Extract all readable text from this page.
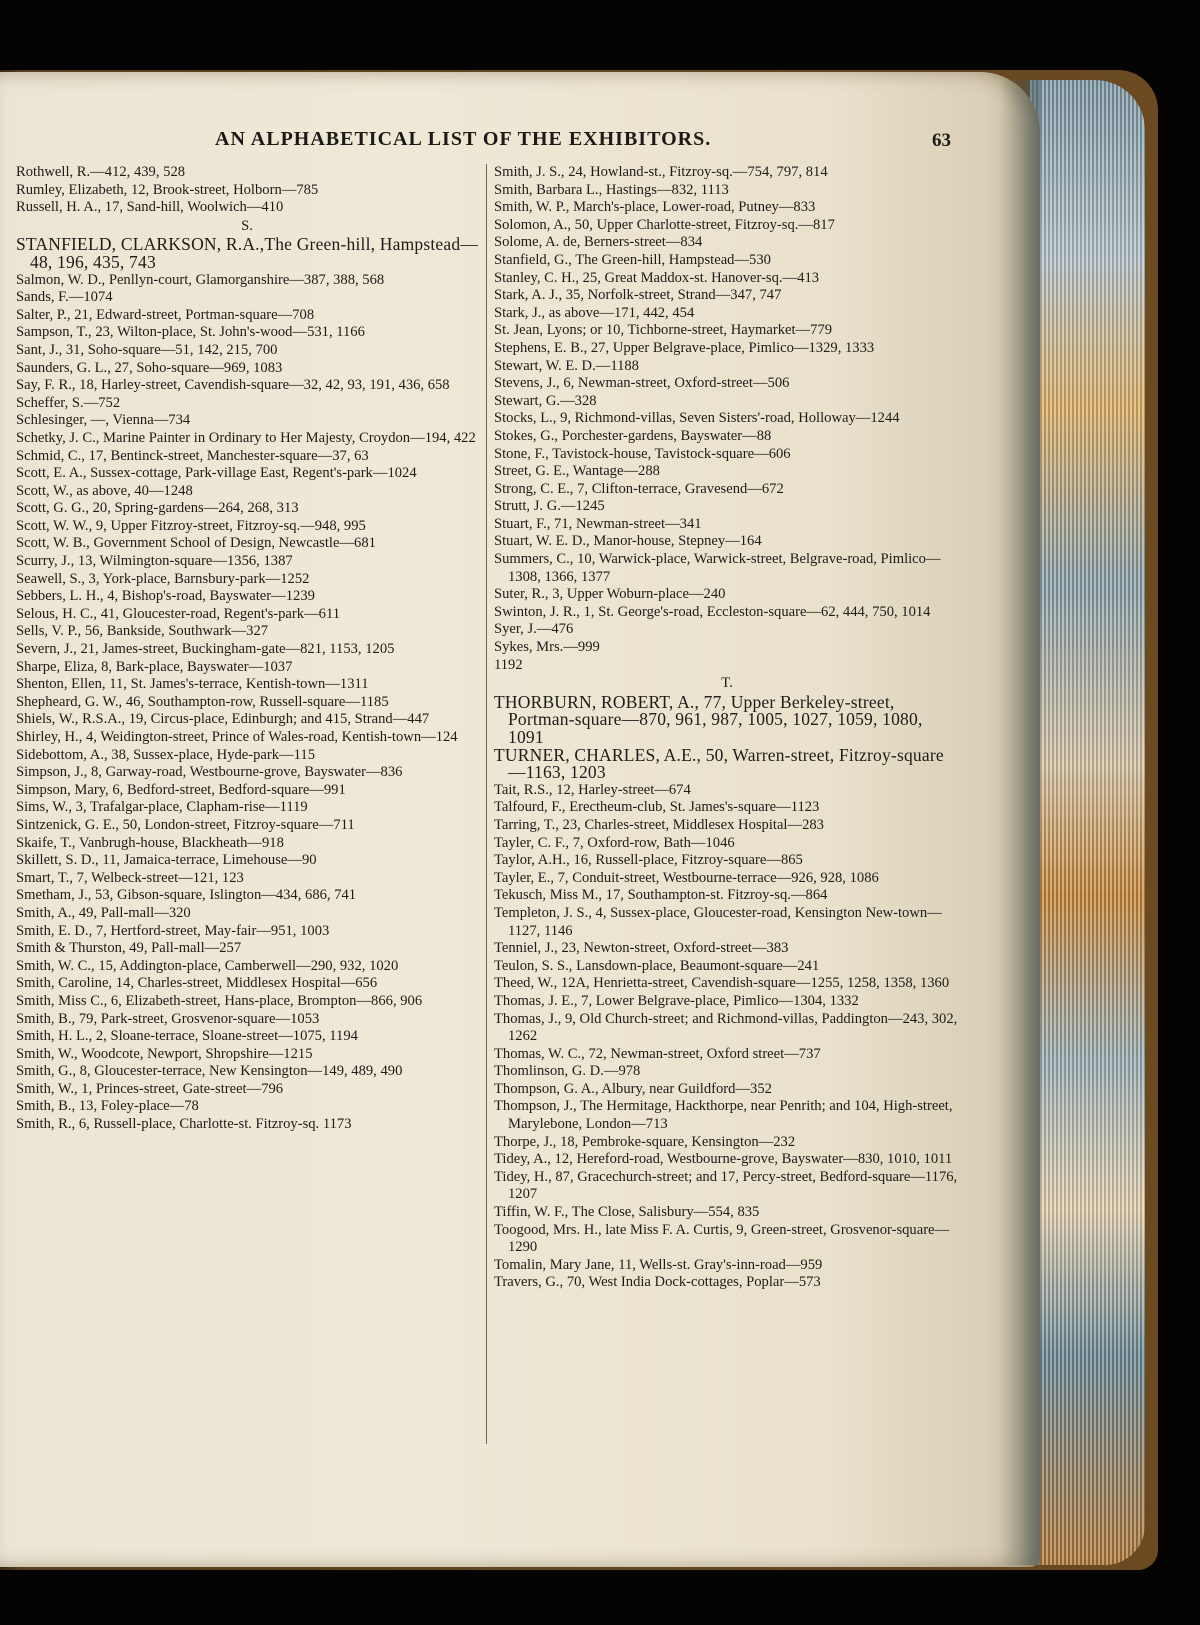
AN ALPHABETICAL LIST OF THE EXHIBITORS.	63

Rothwell, R.—412, 439, 528

Rumley, Elizabeth, 12, Brook-street, Holborn—785

Russell, H. A., 17, Sand-hill, Woolwich—410

S.

STANFIELD, CLARKSON, R.A.,The Green-hill, Hampstead—48, 196, 435, 743

Salmon, W. D., Penllyn-court, Glamorganshire—387, 388, 568

Sands, F.—1074

Salter, P., 21, Edward-street, Portman-square—708

Sampson, T., 23, Wilton-place, St. John's-wood—531, 1166

Sant, J., 31, Soho-square—51, 142, 215, 700

Saunders, G. L., 27, Soho-square—969, 1083

Say, F. R., 18, Harley-street, Cavendish-square—32, 42, 93, 191, 436, 658

Scheffer, S.—752

Schlesinger, —, Vienna—734

Schetky, J. C., Marine Painter in Ordinary to Her Majesty, Croydon—194, 422

Schmid, C., 17, Bentinck-street, Manchester-square—37, 63

Scott, E. A., Sussex-cottage, Park-village East, Regent's-park—1024

Scott, W., as above, 40—1248

Scott, G. G., 20, Spring-gardens—264, 268, 313

Scott, W. W., 9, Upper Fitzroy-street, Fitzroy-sq.—948, 995

Scott, W. B., Government School of Design, Newcastle—681

Scurry, J., 13, Wilmington-square—1356, 1387

Seawell, S., 3, York-place, Barnsbury-park—1252

Sebbers, L. H., 4, Bishop's-road, Bayswater—1239

Selous, H. C., 41, Gloucester-road, Regent's-park—611

Sells, V. P., 56, Bankside, Southwark—327

Severn, J., 21, James-street, Buckingham-gate—821, 1153, 1205

Sharpe, Eliza, 8, Bark-place, Bayswater—1037

Shenton, Ellen, 11, St. James's-terrace, Kentish-town—1311

Shepheard, G. W., 46, Southampton-row, Russell-square—1185

Shiels, W., R.S.A., 19, Circus-place, Edinburgh; and 415, Strand—447

Shirley, H., 4, Weidington-street, Prince of Wales-road, Kentish-town—124

Sidebottom, A., 38, Sussex-place, Hyde-park—115

Simpson, J., 8, Garway-road, Westbourne-grove, Bayswater—836

Simpson, Mary, 6, Bedford-street, Bedford-square—991

Sims, W., 3, Trafalgar-place, Clapham-rise—1119

Sintzenick, G. E., 50, London-street, Fitzroy-square—711

Skaife, T., Vanbrugh-house, Blackheath—918

Skillett, S. D., 11, Jamaica-terrace, Limehouse—90

Smart, T., 7, Welbeck-street—121, 123

Smetham, J., 53, Gibson-square, Islington—434, 686, 741

Smith, A., 49, Pall-mall—320

Smith, E. D., 7, Hertford-street, May-fair—951, 1003

Smith & Thurston, 49, Pall-mall—257

Smith, W. C., 15, Addington-place, Camberwell—290, 932, 1020

Smith, Caroline, 14, Charles-street, Middlesex Hospital—656

Smith, Miss C., 6, Elizabeth-street, Hans-place, Brompton—866, 906

Smith, B., 79, Park-street, Grosvenor-square—1053

Smith, H. L., 2, Sloane-terrace, Sloane-street—1075, 1194

Smith, W., Woodcote, Newport, Shropshire—1215

Smith, G., 8, Gloucester-terrace, New Kensington—149, 489, 490

Smith, W., 1, Princes-street, Gate-street—796

Smith, B., 13, Foley-place—78

Smith, R., 6, Russell-place, Charlotte-st. Fitzroy-sq. 1173

Smith, J. S., 24, Howland-st., Fitzroy-sq.—754, 797, 814

Smith, Barbara L., Hastings—832, 1113

Smith, W. P., March's-place, Lower-road, Putney—833

Solomon, A., 50, Upper Charlotte-street, Fitzroy-sq.—817

Solome, A. de, Berners-street—834

Stanfield, G., The Green-hill, Hampstead—530

Stanley, C. H., 25, Great Maddox-st. Hanover-sq.—413

Stark, A. J., 35, Norfolk-street, Strand—347, 747

Stark, J., as above—171, 442, 454

St. Jean, Lyons; or 10, Tichborne-street, Haymarket—779

Stephens, E. B., 27, Upper Belgrave-place, Pimlico—1329, 1333

Stewart, W. E. D.—1188

Stevens, J., 6, Newman-street, Oxford-street—506

Stewart, G.—328

Stocks, L., 9, Richmond-villas, Seven Sisters'-road, Holloway—1244

Stokes, G., Porchester-gardens, Bayswater—88

Stone, F., Tavistock-house, Tavistock-square—606

Street, G. E., Wantage—288

Strong, C. E., 7, Clifton-terrace, Gravesend—672

Strutt, J. G.—1245

Stuart, F., 71, Newman-street—341

Stuart, W. E. D., Manor-house, Stepney—164

Summers, C., 10, Warwick-place, Warwick-street, Belgrave-road, Pimlico—1308, 1366, 1377

Suter, R., 3, Upper Woburn-place—240

Swinton, J. R., 1, St. George's-road, Eccleston-square—62, 444, 750, 1014

Syer, J.—476

Sykes, Mrs.—999

1192

T.

THORBURN, ROBERT, A., 77, Upper Berkeley-street, Portman-square—870, 961, 987, 1005, 1027, 1059, 1080, 1091

TURNER, CHARLES, A.E., 50, Warren-street, Fitzroy-square—1163, 1203

Tait, R.S., 12, Harley-street—674

Talfourd, F., Erectheum-club, St. James's-square—1123

Tarring, T., 23, Charles-street, Middlesex Hospital—283

Tayler, C. F., 7, Oxford-row, Bath—1046

Taylor, A.H., 16, Russell-place, Fitzroy-square—865

Tayler, E., 7, Conduit-street, Westbourne-terrace—926, 928, 1086

Tekusch, Miss M., 17, Southampton-st. Fitzroy-sq.—864

Templeton, J. S., 4, Sussex-place, Gloucester-road, Kensington New-town—1127, 1146

Tenniel, J., 23, Newton-street, Oxford-street—383

Teulon, S. S., Lansdown-place, Beaumont-square—241

Theed, W., 12A, Henrietta-street, Cavendish-square—1255, 1258, 1358, 1360

Thomas, J. E., 7, Lower Belgrave-place, Pimlico—1304, 1332

Thomas, J., 9, Old Church-street; and Richmond-villas, Paddington—243, 302, 1262

Thomas, W. C., 72, Newman-street, Oxford street—737

Thomlinson, G. D.—978

Thompson, G. A., Albury, near Guildford—352

Thompson, J., The Hermitage, Hackthorpe, near Penrith; and 104, High-street, Marylebone, London—713

Thorpe, J., 18, Pembroke-square, Kensington—232

Tidey, A., 12, Hereford-road, Westbourne-grove, Bayswater—830, 1010, 1011

Tidey, H., 87, Gracechurch-street; and 17, Percy-street, Bedford-square—1176, 1207

Tiffin, W. F., The Close, Salisbury—554, 835

Toogood, Mrs. H., late Miss F. A. Curtis, 9, Green-street, Grosvenor-square—1290

Tomalin, Mary Jane, 11, Wells-st. Gray's-inn-road—959

Travers, G., 70, West India Dock-cottages, Poplar—573
